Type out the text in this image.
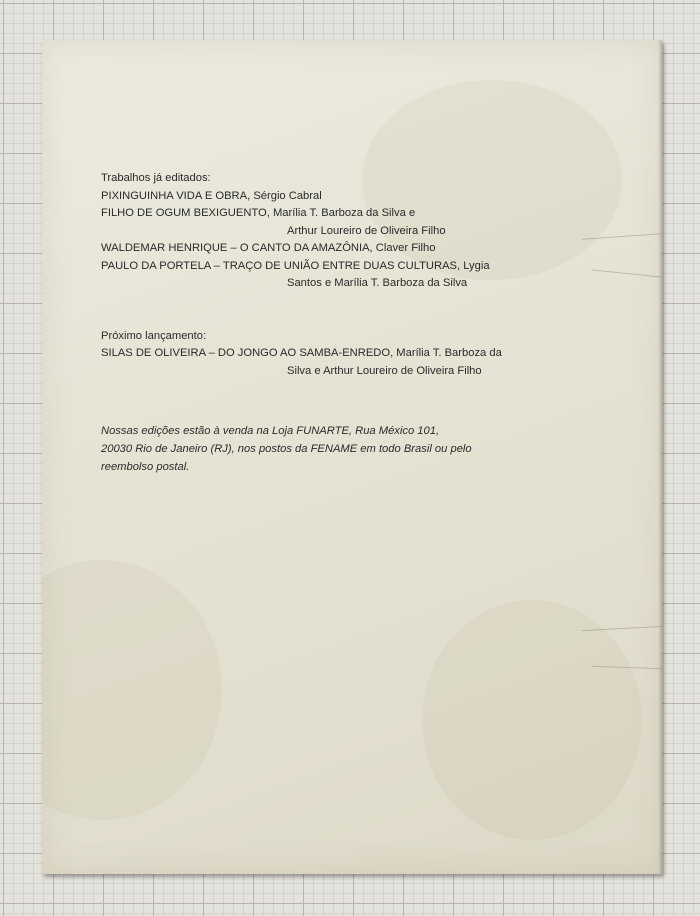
Trabalhos já editados:
PIXINGUINHA VIDA E OBRA, Sérgio Cabral
FILHO DE OGUM BEXIGUENTO, Marília T. Barboza da Silva e
Arthur Loureiro de Oliveira Filho
WALDEMAR HENRIQUE – O CANTO DA AMAZÔNIA, Claver Filho
PAULO DA PORTELA – TRAÇO DE UNIÃO ENTRE DUAS CULTURAS, Lygia
Santos e Marília T. Barboza da Silva
Próximo lançamento:
SILAS DE OLIVEIRA – DO JONGO AO SAMBA-ENREDO, Marília T. Barboza da
Silva e Arthur Loureiro de Oliveira Filho
Nossas edições estão à venda na Loja FUNARTE, Rua México 101,
20030 Rio de Janeiro (RJ), nos postos da FENAME em todo Brasil ou pelo
reembolso postal.
